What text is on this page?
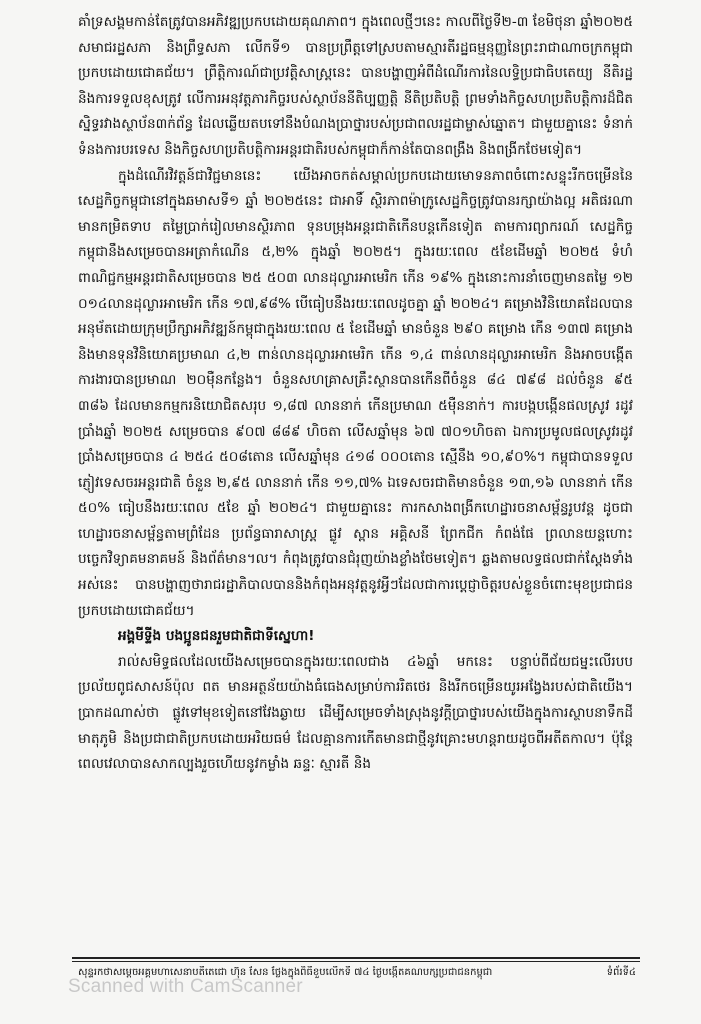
គាំទ្រសង្គមកាន់តែត្រូវបានអភិវឌ្ឍប្រកបដោយគុណភាព។ ក្នុងពេលថ្មីៗនេះ កាលពីថ្ងៃទី២-៣ ខែមិថុនា ឆ្នាំ២០២៥ សមាជរដ្ឋសភា និងព្រឹទ្ធសភា លើកទី១ បានប្រព្រឹត្តទៅស្របតាមស្មារតីរដ្ឋធម្មនុញ្ញនៃព្រះរាជាណាចក្រកម្ពុជាប្រកបដោយជោគជ័យ។ ព្រឹត្តិការណ៍ជាប្រវត្តិសាស្ត្រនេះ បានបង្ហាញអំពីដំណើរការនៃលទ្ធិប្រជាធិបតេយ្យ នីតិរដ្ឋ និងការទទួលខុសត្រូវ លើការអនុវត្តភារកិច្ចរបស់ស្ថាប័ននីតិប្បញ្ញត្តិ នីតិប្រតិបត្តិ ព្រមទាំងកិច្ចសហប្រតិបត្តិការដ៏ជិតស្និទ្ធរវាងស្ថាប័ន៣ក់ព័ន្ធ ដែលឆ្លើយតបទៅនឹងបំណងប្រាថ្នារបស់ប្រជាពលរដ្ឋជាម្ចាស់ឆ្នោត។ ជាមួយគ្នានេះ ទំនាក់ទំនងការបរទេស និងកិច្ចសហប្រតិបត្តិការអន្តរជាតិរបស់កម្ពុជាក៏កាន់តែបានពង្រឹង និងពង្រីកថែមទៀត។

ក្នុងដំណើរវិវត្តន៍ជាវិជ្ជមាននេះ យើងអាចកត់សម្គាល់ប្រកបដោយមោទនភាពចំពោះសន្ទុះរីកចម្រើននៃសេដ្ឋកិច្ចកម្ពុជានៅក្នុងឆមាសទី១ ឆ្នាំ ២០២៥នេះ ជាអាទិ៍ ស្ថិរភាពម៉ាក្រូសេដ្ឋកិច្ចត្រូវបានរក្សាយ៉ាងល្អ អតិផរណាមានកម្រិតទាប តម្លៃប្រាក់រៀលមានស្ថិរភាព ទុនបម្រុងអន្តរជាតិកើនបន្តកើនទៀត តាមការព្យាករណ៍ សេដ្ឋកិច្ចកម្ពុជានឹងសម្រេចបានអត្រាកំណើន ៥,២% ក្នុងឆ្នាំ ២០២៥។ ក្នុងរយៈពេល ៥ខែដើមឆ្នាំ ២០២៥ ទំហំពាណិជ្ជកម្មអន្តរជាតិសម្រេចបាន ២៥ ៥០៣ លានដុល្លារអាមេរិក កើន ១៩% ក្នុងនោះការនាំចេញមានតម្លៃ ១២ ០១៤លានដុល្លារអាមេរិក កើន ១៧,៩៨% បើធៀបនឹងរយៈពេលដូចគ្នា ឆ្នាំ ២០២៤។ គម្រោងវិនិយោគដែលបានអនុម័តដោយក្រុមប្រឹក្សាអភិវឌ្ឍន៍កម្ពុជាក្នុងរយៈពេល ៥ ខែដើមឆ្នាំ មានចំនួន ២៩០ គម្រោង កើន ១៣៧ គម្រោង និងមានទុនវិនិយោគប្រមាណ ៤,២ ពាន់លានដុល្លារអាមេរិក កើន ១,៤ ពាន់លានដុល្លារអាមេរិក និងអាចបង្កើតការងារបានប្រមាណ ២០ម៉ឺនកន្លែង។ ចំនួនសហគ្រាសគ្រឹះស្ថានបានកើនពីចំនួន ៨៤ ៧៩៨ ដល់ចំនួន ៩៥ ៣៨៦ ដែលមានកម្មករនិយោជិតសរុប ១,៨៧ លាននាក់ កើនប្រមាណ ៥ម៉ឺននាក់។ ការបង្កបង្កើនផលស្រូវ រដូវប្រាំងឆ្នាំ ២០២៥ សម្រេចបាន ៩០៧ ៨៨៩ ហិចតា លើសឆ្នាំមុន ៦៧ ៧០១ហិចតា ឯការប្រមូលផលស្រូវរដូវប្រាំងសម្រេចបាន ៤ ២៥៤ ៥០៨តោន លើសឆ្នាំមុន ៤១៨ ០០០តោន ស្មើនឹង ១០,៩០%។ កម្ពុជាបានទទួលភ្ញៀវទេសចរអន្តរជាតិ ចំនួន ២,៩៥ លាននាក់ កើន ១១,៧% ឯទេសចរជាតិមានចំនួន ១៣,១៦ លាននាក់ កើន ៥០% ធៀបនឹងរយៈពេល ៥ខែ ឆ្នាំ ២០២៤។ ជាមួយគ្នានេះ ការកសាងពង្រីកហេដ្ឋារចនាសម្ព័ន្ធរូបវន្ត ដូចជា ហេដ្ឋារចនាសម្ព័ន្ធតាមព្រំដែន ប្រព័ន្ធធារាសាស្ត្រ ផ្លូវ ស្ពាន អគ្គិសនី ព្រែកជីក កំពង់ផែ ព្រលានយន្តហោះ បច្ចេកវិទ្យាគមនាគមន៍ និងព័ត៌មាន។ល។ កំពុងត្រូវបានជំរុញយ៉ាងខ្លាំងថែមទៀត។ ឆ្លងតាមលទ្ធផលជាក់ស្តែងទាំងអស់នេះ បានបង្ហាញថារាជរដ្ឋាភិបាលបាននិងកំពុងអនុវត្តនូវអ្វីៗដែលជាការប្ដេជ្ញាចិត្តរបស់ខ្លួនចំពោះមុខប្រជាជនប្រកបដោយជោគជ័យ។

អង្គមីទ្ទីង បងប្អូនជនរួមជាតិជាទីស្នេហា!

រាល់សមិទ្ធផលដែលយើងសម្រេចបានក្នុងរយៈពេលជាង ៤៦ឆ្នាំ មកនេះ បន្ទាប់ពីជ័យជម្នះលើរបបប្រល័យពូជសាសន៍ប៉ុល ពត មានអត្ថន័យយ៉ាងធំធេងសម្រាប់ការរិតថេរ និងរីកចម្រើនយូរអង្វែងរបស់ជាតិយើង។ ប្រាកដណាស់ថា ផ្លូវទៅមុខទៀតនៅវែងឆ្ងាយ ដើម្បីសម្រេចទាំងស្រុងនូវក្តីប្រាថ្នារបស់យើងក្នុងការស្ថាបនាទឹកដីមាតុភូមិ និងប្រជាជាតិប្រកបដោយអរិយធម៌ ដែលគ្មានការកើតមានជាថ្មីនូវគ្រោះមហន្តរាយដូចពីអតីតកាល។ ប៉ុន្តែពេលវេលាបានសាកល្បងរួចហើយនូវកម្លាំង ឆន្ទៈ ស្មារតី និង

សុន្ទរកថាសម្តេចអគ្គមហាសេនាបតីតេជោ ហ៊ុន សែន ថ្លែងក្នុងពិធីខួបលើកទី ៧៤ ថ្ងៃបង្កើតគណបក្សប្រជាជនកម្ពុជា	ទំព័រទី៤
Scanned with CamScanner
